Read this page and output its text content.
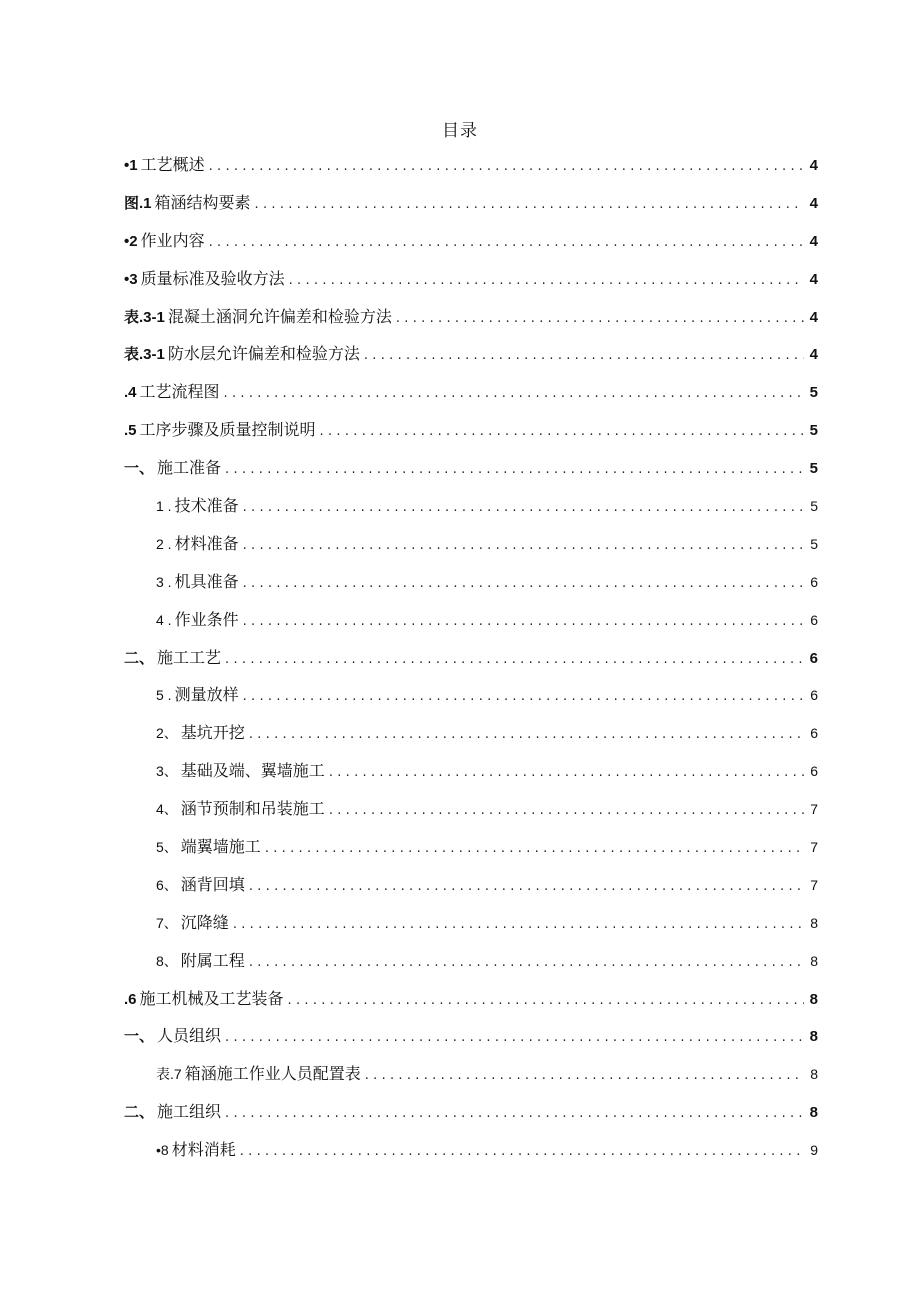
目录
•1 工艺概述 .....	4
图.1 箱涵结构要素 .....	4
•2 作业内容 .....	4
•3 质量标准及验收方法 .....	4
表.3-1 混凝土涵洞允许偏差和检验方法 .....	4
表.3-1 防水层允许偏差和检验方法 .....	4
.4 工艺流程图 .....	5
.5 工序步骤及质量控制说明 .....	5
一、 施工准备 .....	5
1 . 技术准备 .....	5
2 . 材料准备 .....	5
3 . 机具准备 .....	6
4 . 作业条件 .....	6
二、 施工工艺 .....	6
5 . 测量放样 .....	6
2、 基坑开挖 .....	6
3、 基础及端、翼墙施工 .....	6
4、 涵节预制和吊装施工 .....	7
5、 端翼墙施工 .....	7
6、 涵背回填 .....	7
7、 沉降缝 .....	8
8、 附属工程 .....	8
.6 施工机械及工艺装备 .....	8
一、 人员组织 .....	8
表.7 箱涵施工作业人员配置表 .....	8
二、 施工组织 .....	8
•8 材料消耗 .....	9
